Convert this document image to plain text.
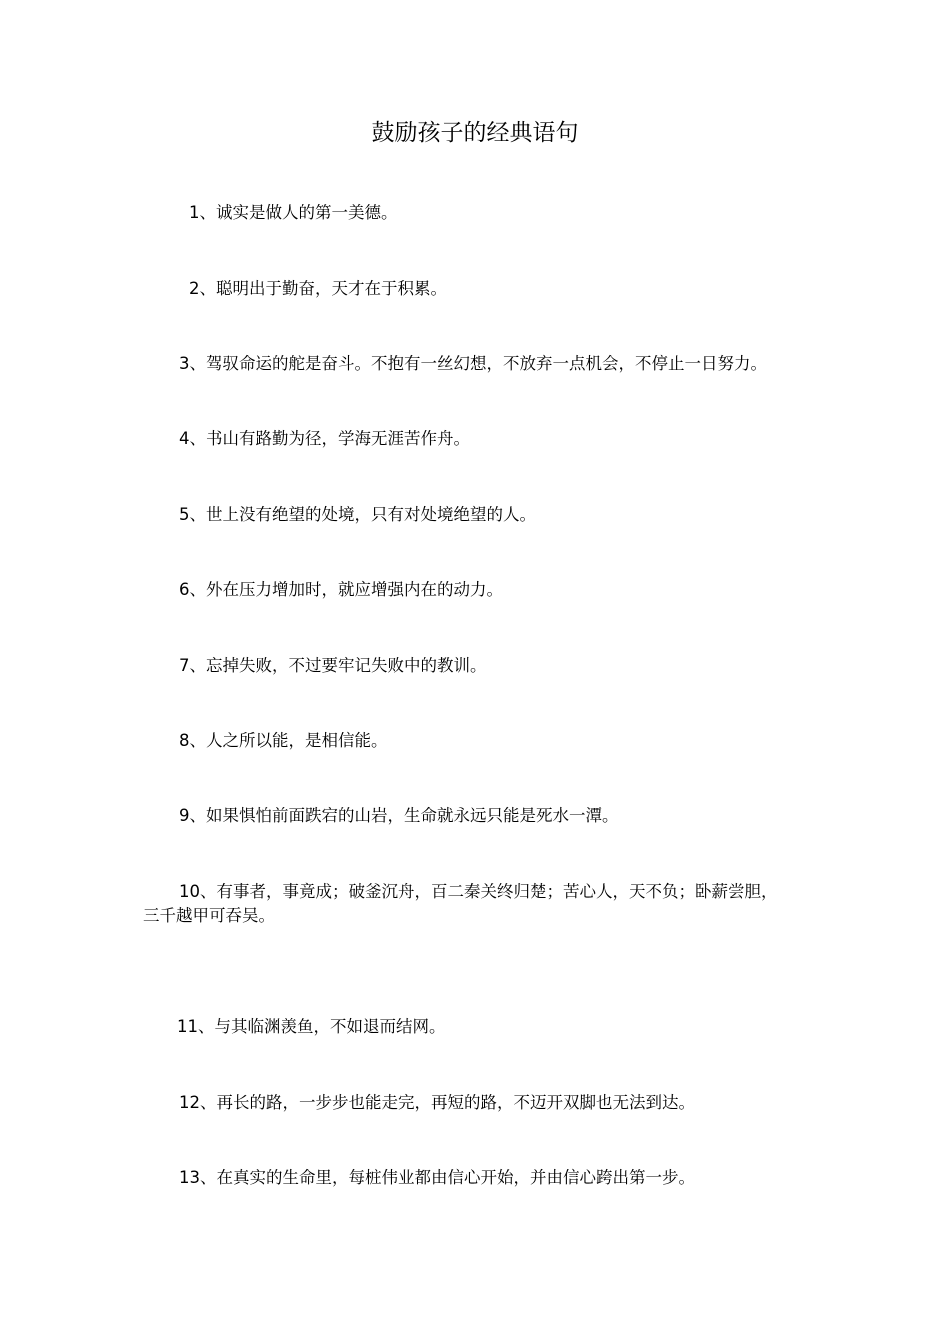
鼓励孩子的经典语句

1、诚实是做人的第一美德。

2、聪明出于勤奋，天才在于积累。

3、驾驭命运的舵是奋斗。不抱有一丝幻想，不放弃一点机会，不停止一日努力。

4、书山有路勤为径，学海无涯苦作舟。

5、世上没有绝望的处境，只有对处境绝望的人。

6、外在压力增加时，就应增强内在的动力。

7、忘掉失败，不过要牢记失败中的教训。

8、人之所以能，是相信能。

9、如果惧怕前面跌宕的山岩，生命就永远只能是死水一潭。

10、有事者，事竟成；破釜沉舟，百二秦关终归楚；苦心人，天不负；卧薪尝胆，
三千越甲可吞吴。

11、与其临渊羡鱼，不如退而结网。

12、再长的路，一步步也能走完，再短的路，不迈开双脚也无法到达。

13、在真实的生命里，每桩伟业都由信心开始，并由信心跨出第一步。
